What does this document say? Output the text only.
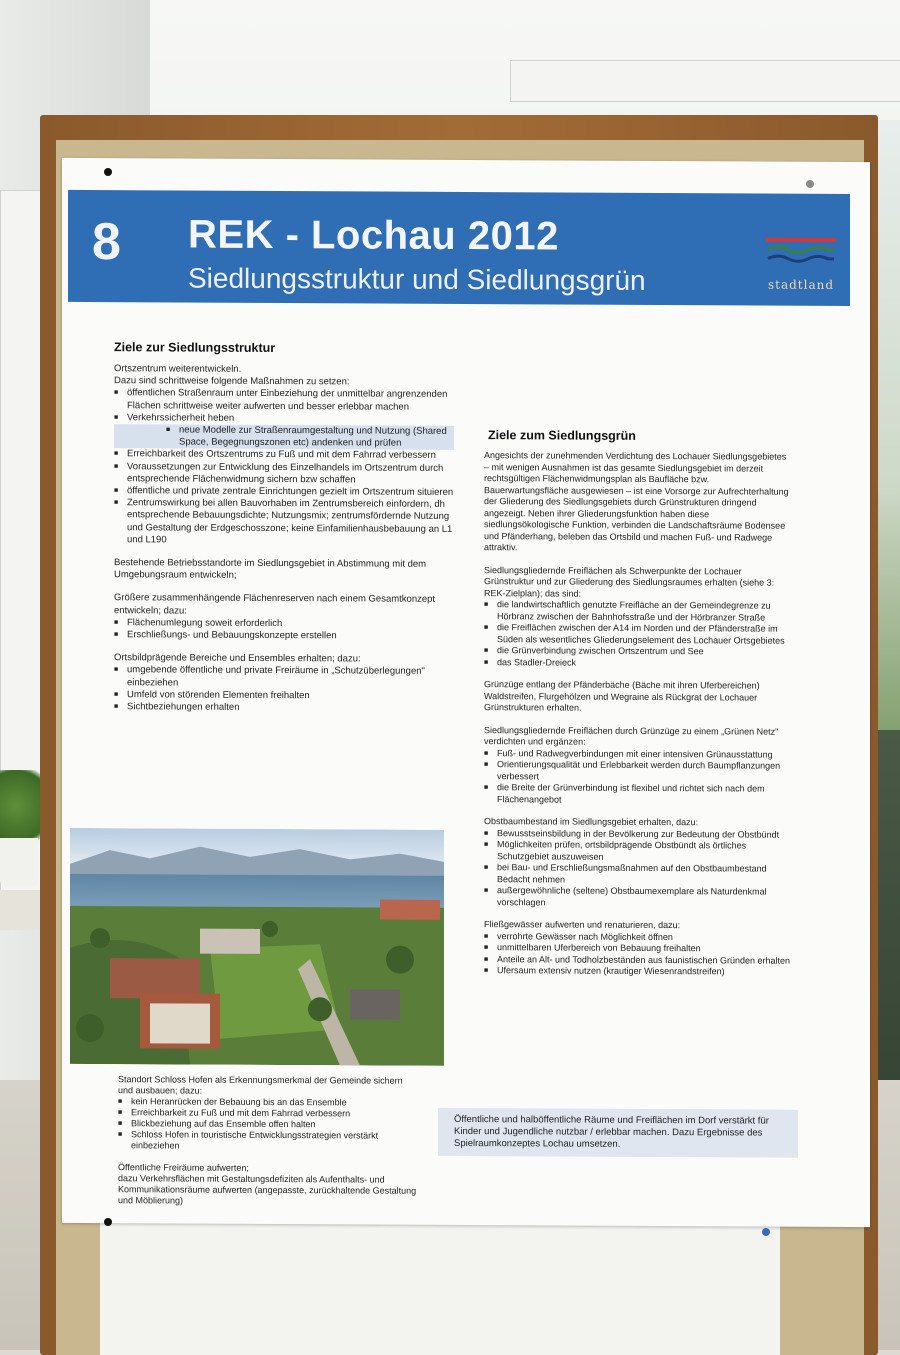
8 REK - Lochau 2012
Siedlungsstruktur und Siedlungsgrün	stadtland
Ziele zur Siedlungsstruktur

Ortszentrum weiterentwickeln.
Dazu sind schrittweise folgende Maßnahmen zu setzen:

■ öffentlichen Straßenraum unter Einbeziehung der unmittelbar angrenzenden Flächen schrittweise weiter aufwerten und besser erlebbar machen
■ Verkehrssicherheit heben
■ neue Modelle zur Straßenraumgestaltung und Nutzung (Shared Space, Begegnungszonen etc) andenken und prüfen
■ Erreichbarkeit des Ortszentrums zu Fuß und mit dem Fahrrad verbessern
■ Voraussetzungen zur Entwicklung des Einzelhandels im Ortszentrum durch entsprechende Flächenwidmung sichern bzw schaffen
■ öffentliche und private zentrale Einrichtungen gezielt im Ortszentrum situieren
■ Zentrumswirkung bei allen Bauvorhaben im Zentrumsbereich einfordern, dh entsprechende Bebauungsdichte; Nutzungsmix; zentrumsfördernde Nutzung und Gestaltung der Erdgeschosszone; keine Einfamilienhausbebauung an L1 und L190

Bestehende Betriebsstandorte im Siedlungsgebiet in Abstimmung mit dem Umgebungsraum entwickeln;

Größere zusammenhängende Flächenreserven nach einem Gesamtkonzept entwickeln; dazu:

■ Flächenumlegung soweit erforderlich
■ Erschließungs- und Bebauungskonzepte erstellen

Ortsbildprägende Bereiche und Ensembles erhalten; dazu:

■ umgebende öffentliche und private Freiräume in „Schutzüberlegungen" einbeziehen
■ Umfeld von störenden Elementen freihalten
■ Sichtbeziehungen erhalten

Standort Schloss Hofen als Erkennungsmerkmal der Gemeinde sichern und ausbauen; dazu:

■ kein Heranrücken der Bebauung bis an das Ensemble
■ Erreichbarkeit zu Fuß und mit dem Fahrrad verbessern
■ Blickbeziehung auf das Ensemble offen halten
■ Schloss Hofen in touristische Entwicklungsstrategien verstärkt einbeziehen

Öffentliche Freiräume aufwerten;
dazu Verkehrsflächen mit Gestaltungsdefiziten als Aufenthalts- und Kommunikationsräume aufwerten (angepasste, zurückhaltende Gestaltung und Möblierung)

Ziele zum Siedlungsgrün

Angesichts der zunehmenden Verdichtung des Lochauer Siedlungsgebietes – mit wenigen Ausnahmen ist das gesamte Siedlungsgebiet im derzeit rechtsgültigen Flächenwidmungsplan als Baufläche bzw. Bauerwartungsfläche ausgewiesen – ist eine Vorsorge zur Aufrechterhaltung der Gliederung des Siedlungsgebiets durch Grünstrukturen dringend angezeigt. Neben ihrer Gliederungsfunktion haben diese siedlungsökologische Funktion, verbinden die Landschaftsräume Bodensee und Pfänderhang, beleben das Ortsbild und machen Fuß- und Radwege attraktiv.

Siedlungsgliedernde Freiflächen als Schwerpunkte der Lochauer Grünstruktur und zur Gliederung des Siedlungsraumes erhalten (siehe 3: REK-Zielplan); das sind:

■ die landwirtschaftlich genutzte Freifläche an der Gemeindegrenze zu Hörbranz zwischen der Bahnhofsstraße und der Hörbranzer Straße
■ die Freiflächen zwischen der A14 im Norden und der Pfänderstraße im Süden als wesentliches Gliederungselement des Lochauer Ortsgebietes
■ die Grünverbindung zwischen Ortszentrum und See
■ das Stadler-Dreieck

Grünzüge entlang der Pfänderbäche (Bäche mit ihren Uferbereichen) Waldstreifen, Flurgehölzen und Wegraine als Rückgrat der Lochauer Grünstrukturen erhalten.

Siedlungsgliedernde Freiflächen durch Grünzüge zu einem „Grünen Netz" verdichten und ergänzen:

■ Fuß- und Radwegverbindungen mit einer intensiven Grünausstattung
■ Orientierungsqualität und Erlebbarkeit werden durch Baumpflanzungen verbessert
■ die Breite der Grünverbindung ist flexibel und richtet sich nach dem Flächenangebot

Obstbaumbestand im Siedlungsgebiet erhalten, dazu:

■ Bewusstseinsbildung in der Bevölkerung zur Bedeutung der Obstbündt
■ Möglichkeiten prüfen, ortsbildprägende Obstbündt als örtliches Schutzgebiet auszuweisen
■ bei Bau- und Erschließungsmaßnahmen auf den Obstbaumbestand Bedacht nehmen
■ außergewöhnliche (seltene) Obstbaumexemplare als Naturdenkmal vorschlagen

Fließgewässer aufwerten und renaturieren, dazu:

■ verrohrte Gewässer nach Möglichkeit öffnen
■ unmittelbaren Uferbereich von Bebauung freihalten
■ Anteile an Alt- und Todholzbeständen aus faunistischen Gründen erhalten
■ Ufersaum extensiv nutzen (krautiger Wiesenrandstreifen)
Öffentliche und halböffentliche Räume und Freiflächen im Dorf verstärkt für Kinder und Jugendliche nutzbar / erlebbar machen. Dazu Ergebnisse des Spielraumkonzeptes Lochau umsetzen.
